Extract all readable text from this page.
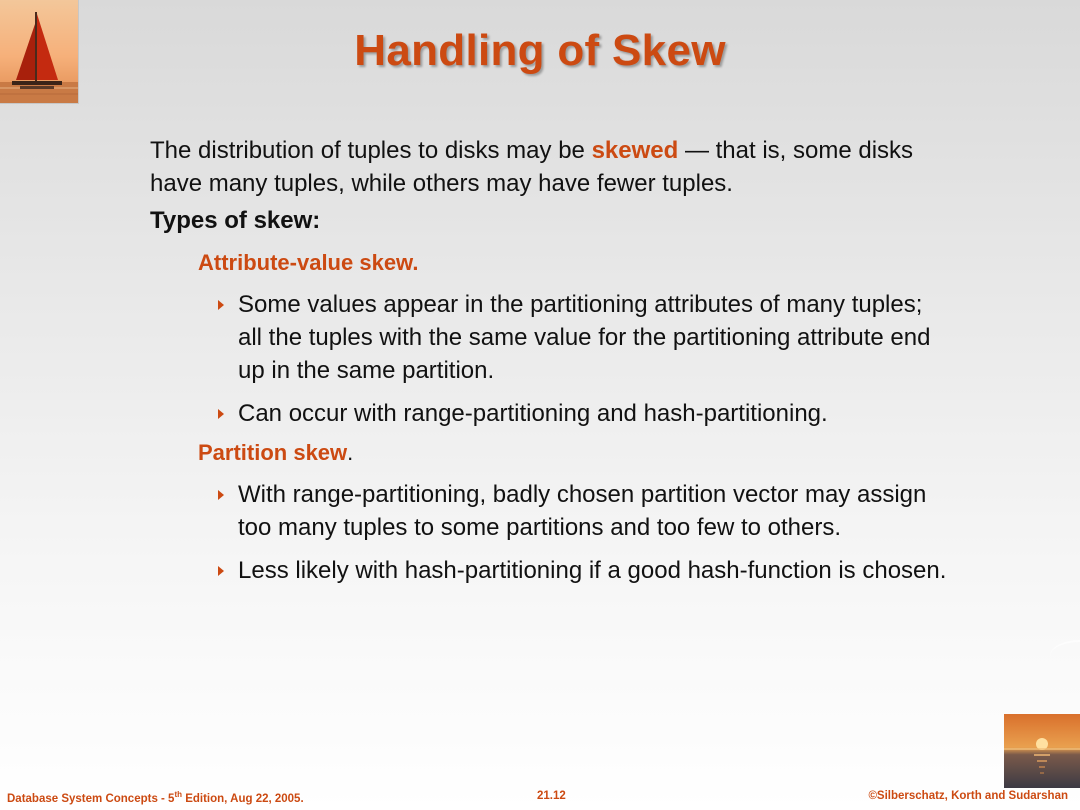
Handling of Skew

The distribution of tuples to disks may be skewed — that is, some disks have many tuples, while others may have fewer tuples.

Types of skew:
Attribute-value skew.
Some values appear in the partitioning attributes of many tuples; all the tuples with the same value for the partitioning attribute end up in the same partition.
Can occur with range-partitioning and hash-partitioning.
Partition skew.
With range-partitioning, badly chosen partition vector may assign too many tuples to some partitions and too few to others.
Less likely with hash-partitioning if a good hash-function is chosen.
Database System Concepts - 5th Edition, Aug 22, 2005.	21.12	©Silberschatz, Korth and Sudarshan
